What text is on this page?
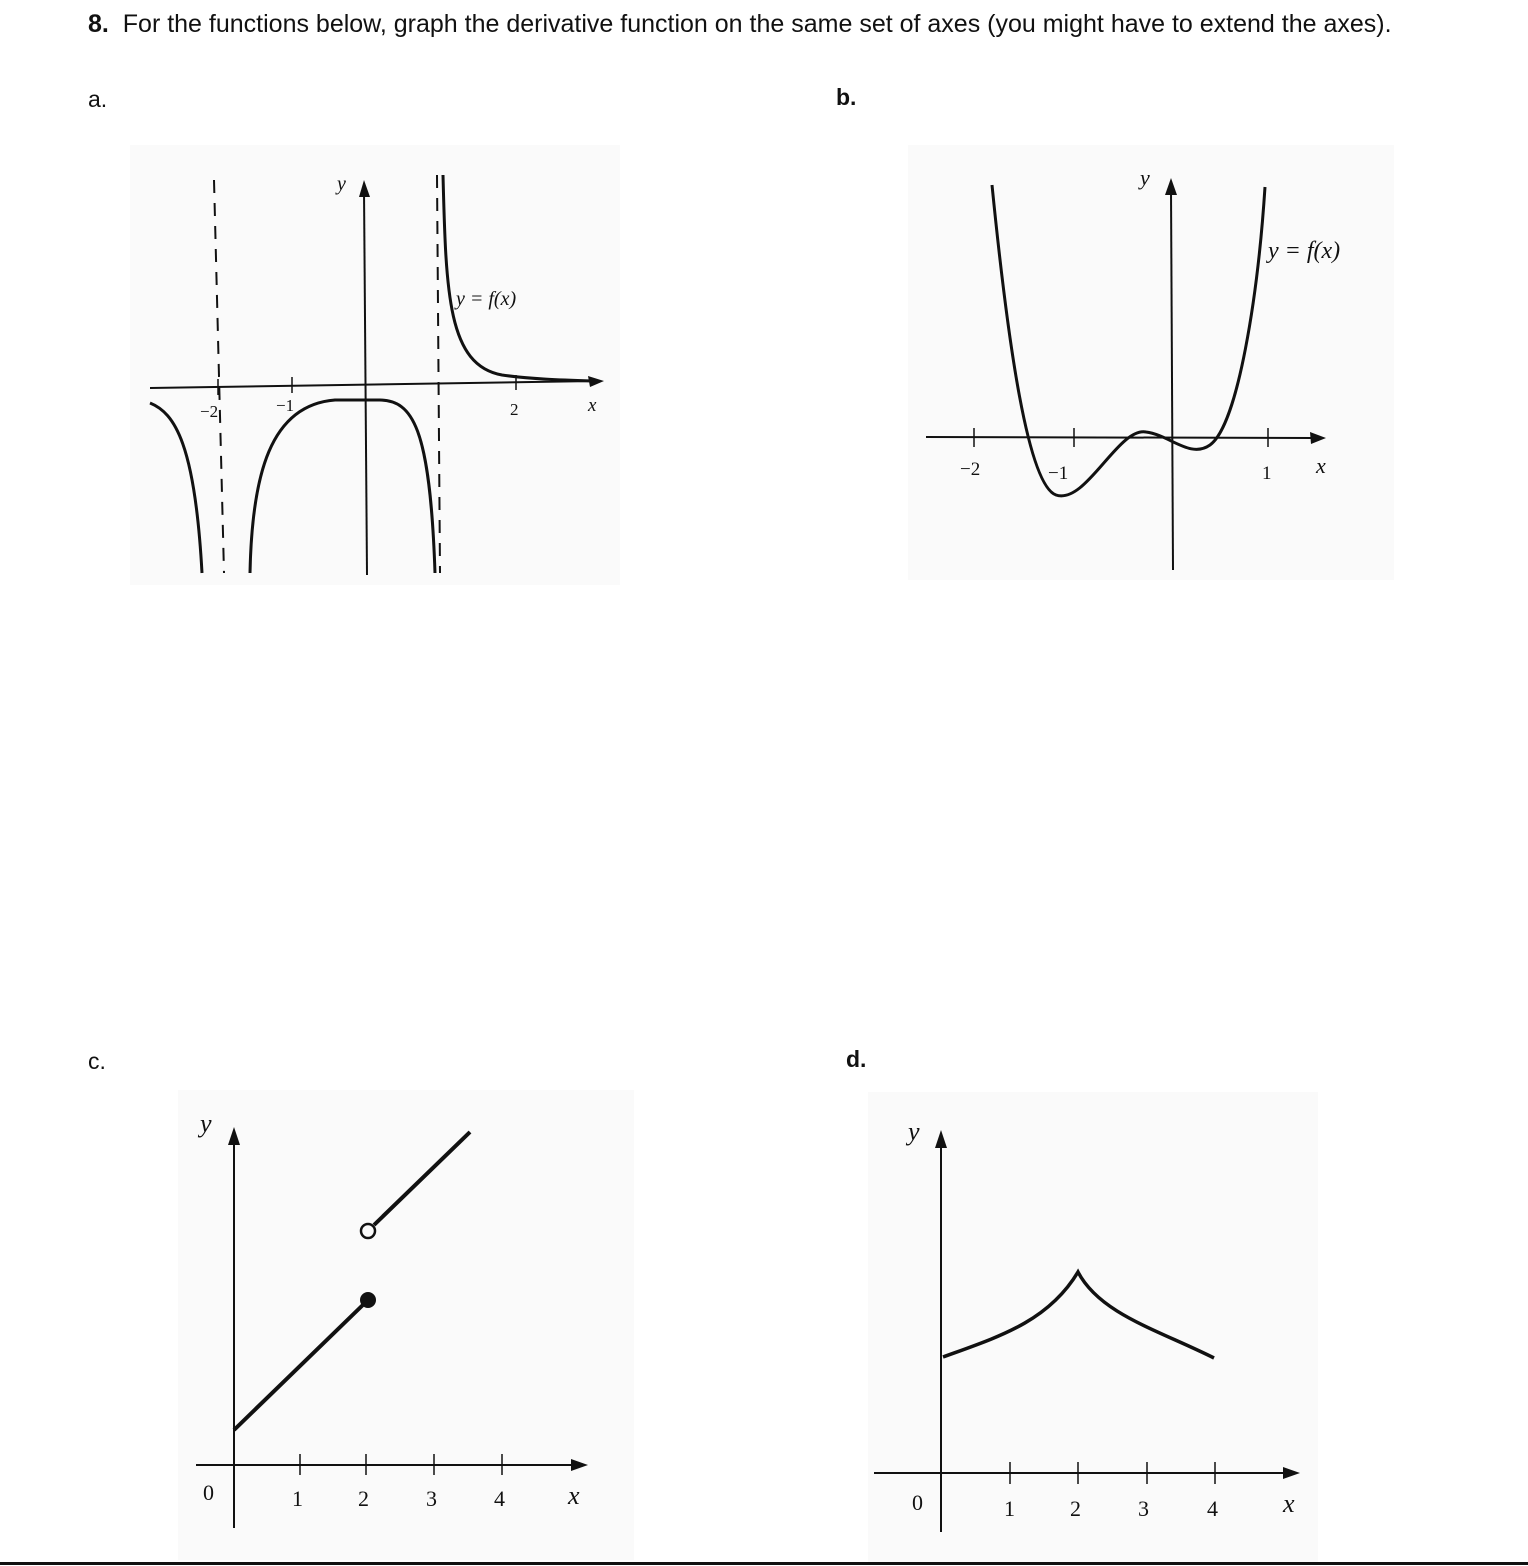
8. For the functions below, graph the derivative function on the same set of axes (you might have to extend the axes).
a.	b.
c.	d.
−2	−1	2	x
y
y = f(x)
−2	−1	1 x
y
y = f(x)
0	1	2	3	4 x
y
0	1	2	3	4	x
y
